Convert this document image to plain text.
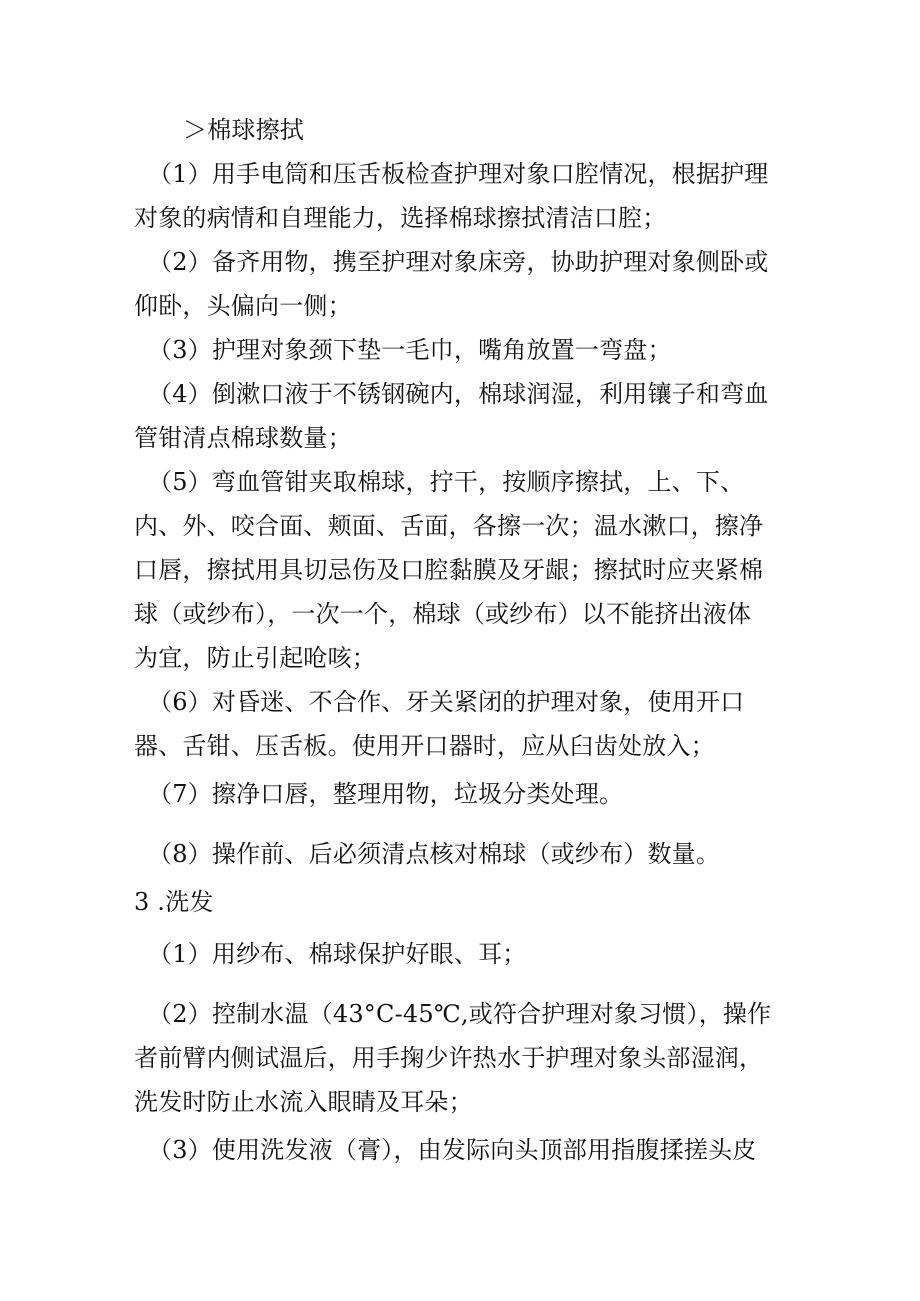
＞棉球擦拭
（1）用手电筒和压舌板检查护理对象口腔情况，根据护理
对象的病情和自理能力，选择棉球擦拭清洁口腔；
（2）备齐用物，携至护理对象床旁，协助护理对象侧卧或
仰卧，头偏向一侧；
（3）护理对象颈下垫一毛巾，嘴角放置一弯盘；
（4）倒漱口液于不锈钢碗内，棉球润湿，利用镶子和弯血
管钳清点棉球数量；
（5）弯血管钳夹取棉球，拧干，按顺序擦拭，上、下、
内、外、咬合面、颊面、舌面，各擦一次；温水漱口，擦净
口唇，擦拭用具切忌伤及口腔黏膜及牙龈；擦拭时应夹紧棉
球（或纱布），一次一个，棉球（或纱布）以不能挤出液体
为宜，防止引起呛咳；
（6）对昏迷、不合作、牙关紧闭的护理对象，使用开口
器、舌钳、压舌板。使用开口器时，应从臼齿处放入；
（7）擦净口唇，整理用物，垃圾分类处理。
（8）操作前、后必须清点核对棉球（或纱布）数量。
3 .洗发
（1）用纱布、棉球保护好眼、耳；
（2）控制水温（43°C-45℃,或符合护理对象习惯），操作
者前臂内侧试温后，用手掬少许热水于护理对象头部湿润，
洗发时防止水流入眼睛及耳朵；
（3）使用洗发液（膏），由发际向头顶部用指腹揉搓头皮
